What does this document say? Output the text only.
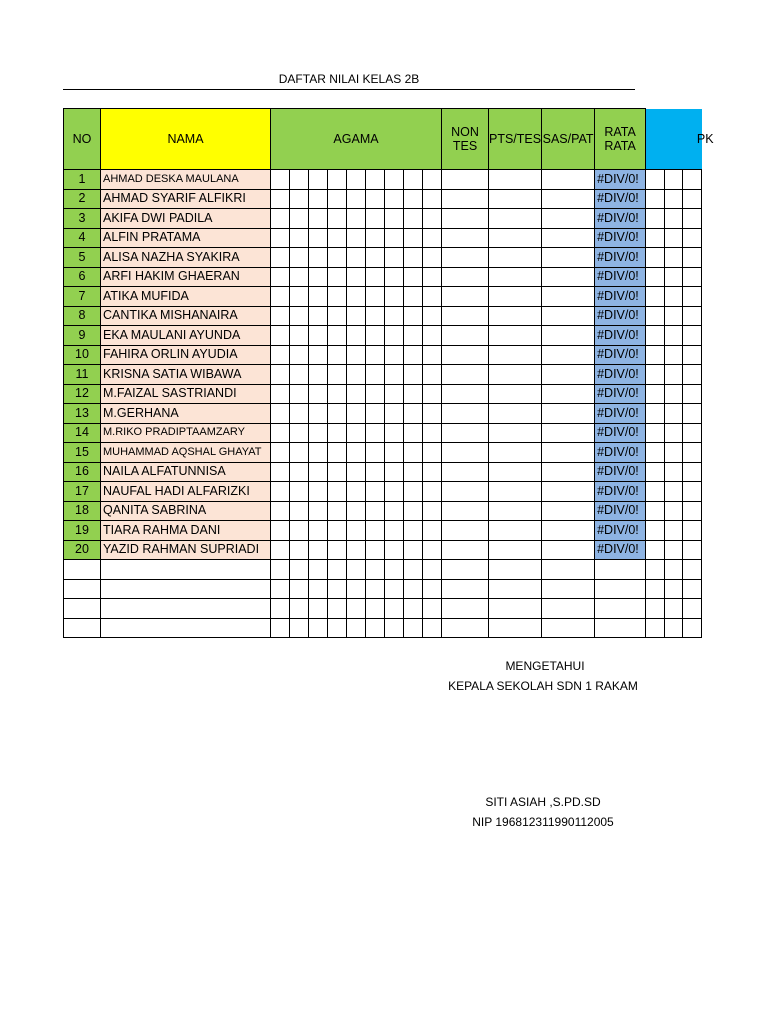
DAFTAR NILAI KELAS 2B
NO	NAMA	AGAMA									NON TES	PTS/TES	SAS/PAT	RATA RATA	PK		
1	AHMAD DESKA MAULANA													#DIV/0!			
2	AHMAD SYARIF ALFIKRI													#DIV/0!			
3	AKIFA DWI PADILA													#DIV/0!			
4	ALFIN PRATAMA													#DIV/0!			
5	ALISA NAZHA SYAKIRA													#DIV/0!			
6	ARFI HAKIM GHAERAN													#DIV/0!			
7	ATIKA MUFIDA													#DIV/0!			
8	CANTIKA MISHANAIRA													#DIV/0!			
9	EKA MAULANI AYUNDA													#DIV/0!			
10	FAHIRA ORLIN AYUDIA													#DIV/0!			
11	KRISNA SATIA WIBAWA													#DIV/0!			
12	M.FAIZAL SASTRIANDI													#DIV/0!			
13	M.GERHANA													#DIV/0!			
14	M.RIKO PRADIPTAAMZARY													#DIV/0!			
15	MUHAMMAD AQSHAL GHAYAT													#DIV/0!			
16	NAILA ALFATUNNISA													#DIV/0!			
17	NAUFAL HADI ALFARIZKI													#DIV/0!			
18	QANITA SABRINA													#DIV/0!			
19	TIARA RAHMA DANI													#DIV/0!			
20	YAZID RAHMAN SUPRIADI													#DIV/0!			

MENGETAHUI
KEPALA SEKOLAH SDN 1 RAKAM
SITI ASIAH ,S.PD.SD
NIP 196812311990112005
